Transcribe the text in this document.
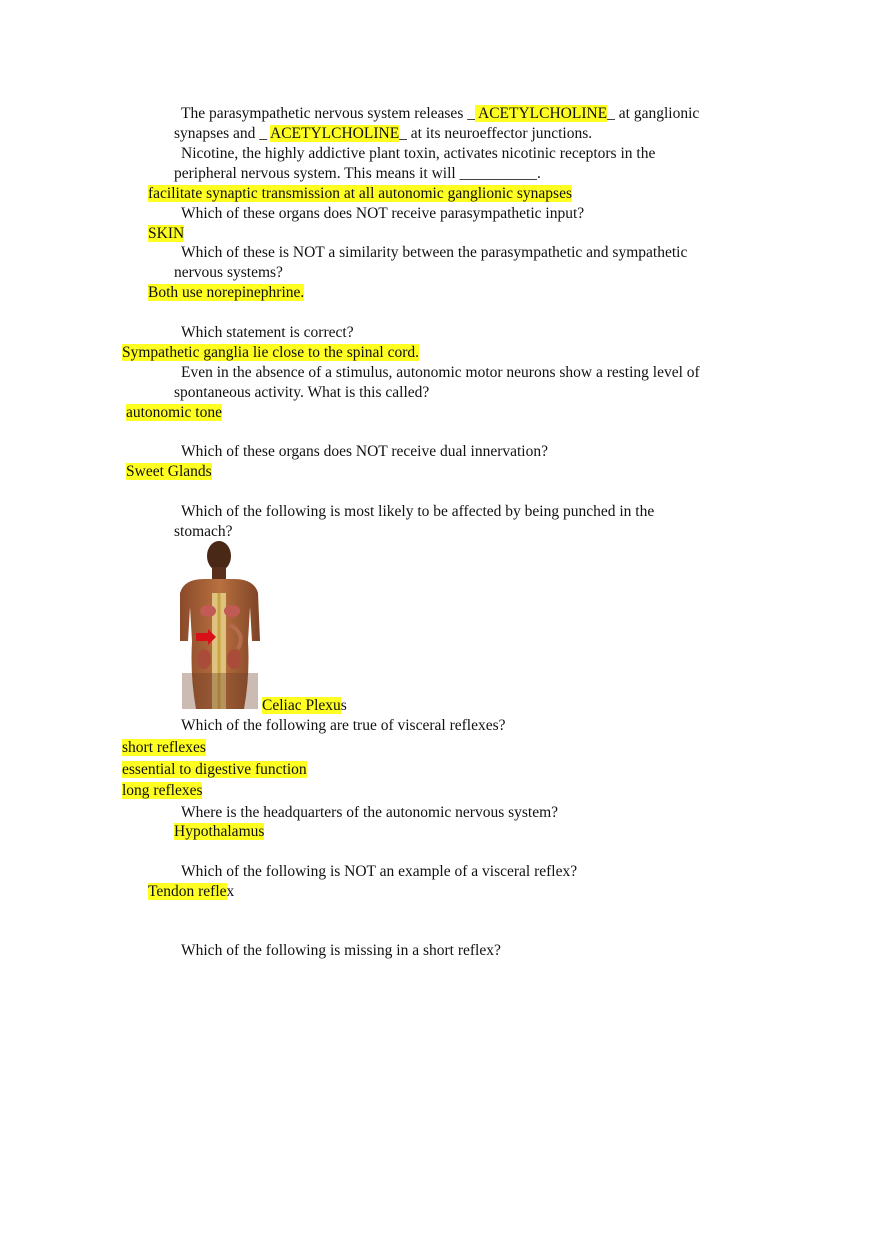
The parasympathetic nervous system releases _ ACETYLCHOLINE_ at ganglionic
synapses and _ ACETYLCHOLINE_ at its neuroeffector junctions.
Nicotine, the highly addictive plant toxin, activates nicotinic receptors in the
peripheral nervous system. This means it will __________.
facilitate synaptic transmission at all autonomic ganglionic synapses
Which of these organs does NOT receive parasympathetic input?
SKIN
Which of these is NOT a similarity between the parasympathetic and sympathetic
nervous systems?
Both use norepinephrine.
Which statement is correct?
Sympathetic ganglia lie close to the spinal cord.
Even in the absence of a stimulus, autonomic motor neurons show a resting level of
spontaneous activity. What is this called?
autonomic tone
Which of these organs does NOT receive dual innervation?
Sweet Glands
Which of the following is most likely to be affected by being punched in the
stomach?
Celiac Plexus
Which of the following are true of visceral reflexes?
short reflexes
essential to digestive function
long reflexes
Where is the headquarters of the autonomic nervous system?
Hypothalamus
Which of the following is NOT an example of a visceral reflex?
Tendon reflex
Which of the following is missing in a short reflex?
